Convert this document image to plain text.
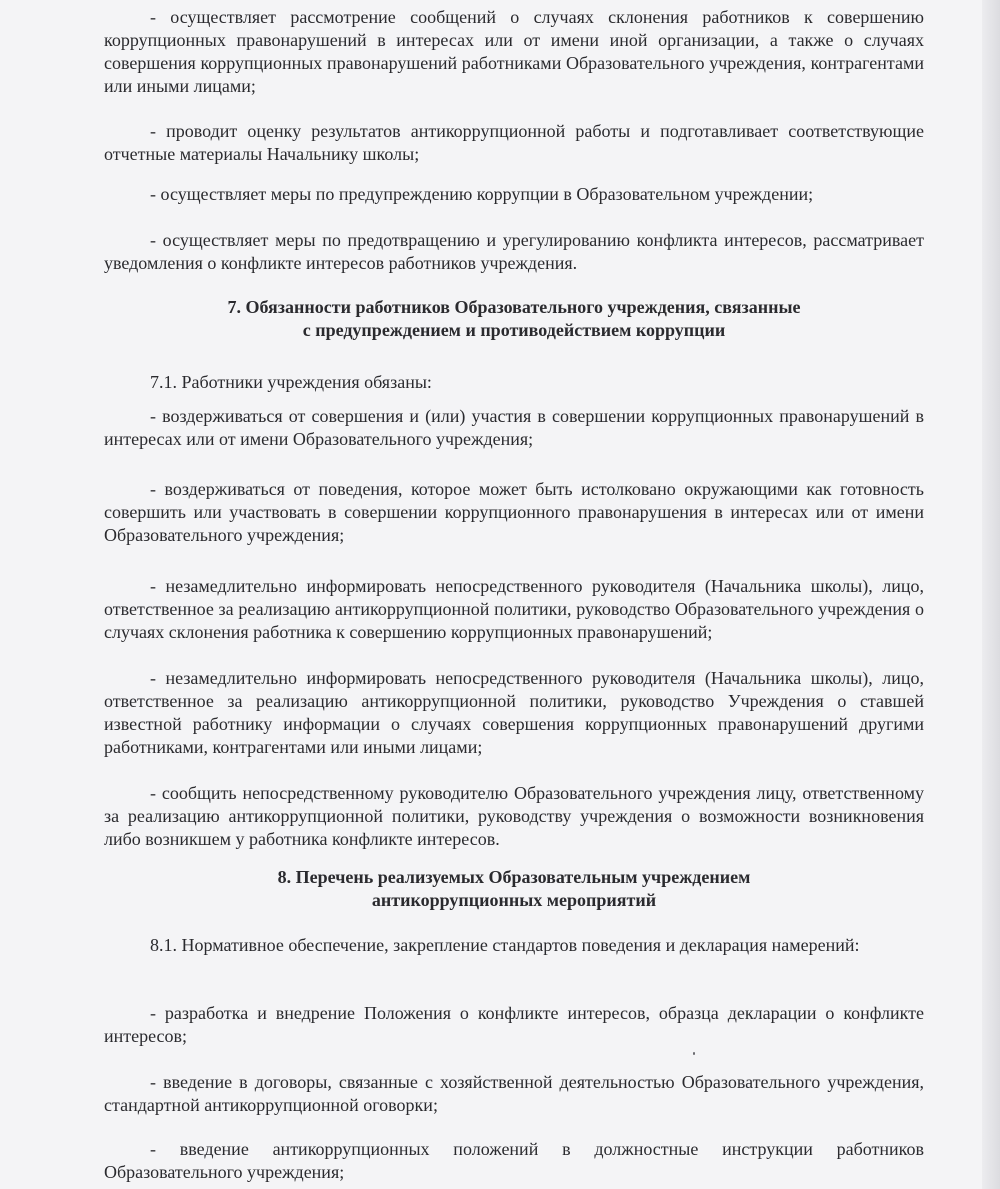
- осуществляет рассмотрение сообщений о случаях склонения работников к совершению коррупционных правонарушений в интересах или от имени иной организации, а также о случаях совершения коррупционных правонарушений работниками Образовательного учреждения, контрагентами или иными лицами;

- проводит оценку результатов антикоррупционной работы и подготавливает соответствующие отчетные материалы Начальнику школы;

- осуществляет меры по предупреждению коррупции в Образовательном учреждении;

- осуществляет меры по предотвращению и урегулированию конфликта интересов, рассматривает уведомления о конфликте интересов работников учреждения.

7. Обязанности работников Образовательного учреждения, связанные
с предупреждением и противодействием коррупции

7.1. Работники учреждения обязаны:

- воздерживаться от совершения и (или) участия в совершении коррупционных правонарушений в интересах или от имени Образовательного учреждения;

- воздерживаться от поведения, которое может быть истолковано окружающими как готовность совершить или участвовать в совершении коррупционного правонарушения в интересах или от имени Образовательного учреждения;

- незамедлительно информировать непосредственного руководителя (Начальника школы), лицо, ответственное за реализацию антикоррупционной политики, руководство Образовательного учреждения о случаях склонения работника к совершению коррупционных правонарушений;

- незамедлительно информировать непосредственного руководителя (Начальника школы), лицо, ответственное за реализацию антикоррупционной политики, руководство Учреждения о ставшей известной работнику информации о случаях совершения коррупционных правонарушений другими работниками, контрагентами или иными лицами;

- сообщить непосредственному руководителю Образовательного учреждения лицу, ответственному за реализацию антикоррупционной политики, руководству учреждения о возможности возникновения либо возникшем у работника конфликте интересов.

8. Перечень реализуемых Образовательным учреждением
антикоррупционных мероприятий

8.1. Нормативное обеспечение, закрепление стандартов поведения и декларация намерений:

- разработка и внедрение Положения о конфликте интересов, образца декларации о конфликте интересов;

- введение в договоры, связанные с хозяйственной деятельностью Образовательного учреждения, стандартной антикоррупционной оговорки;

- введение антикоррупционных положений в должностные инструкции работников Образовательного учреждения;
